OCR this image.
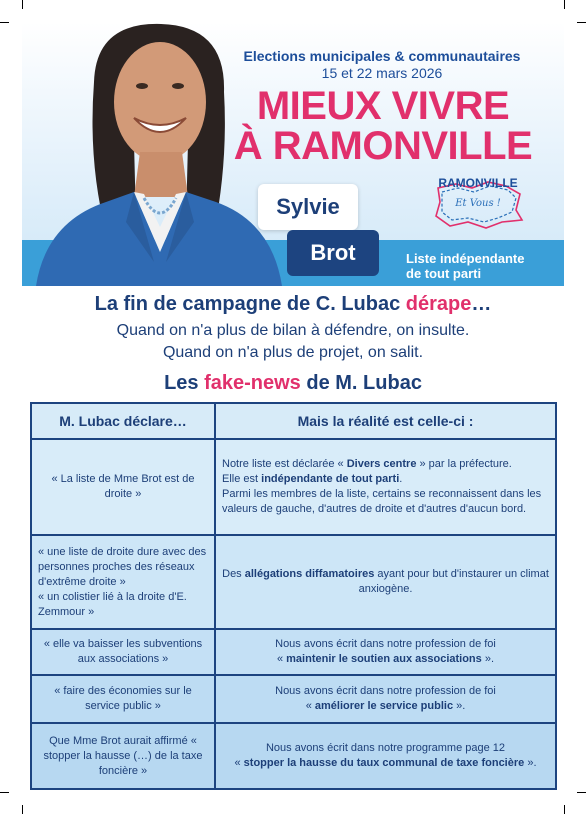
Elections municipales & communautaires
15 et 22 mars 2026
MIEUX VIVRE
À RAMONVILLE
RAMONVILLE
Et Vous !
Sylvie
Brot	Liste indépendante
de tout parti
La fin de campagne de C. Lubac dérape…
Quand on n'a plus de bilan à défendre, on insulte.
Quand on n'a plus de projet, on salit.
Les fake-news de M. Lubac
M. Lubac déclare…	Mais la réalité est celle-ci :
« La liste de Mme Brot est de droite »	Notre liste est déclarée « Divers centre » par la préfecture.
Elle est indépendante de tout parti.
Parmi les membres de la liste, certains se reconnaissent dans les valeurs de gauche, d'autres de droite et d'autres d'aucun bord.

« une liste de droite dure avec des personnes proches des réseaux d'extrême droite »
« un colistier lié à la droite d'E. Zemmour »	Des allégations diffamatoires ayant pour but d'instaurer un climat anxiogène.
« elle va baisser les subventions aux associations »	Nous avons écrit dans notre profession de foi
« maintenir le soutien aux associations ».
« faire des économies sur le service public »	Nous avons écrit dans notre profession de foi
« améliorer le service public ».
Que Mme Brot aurait affirmé « stopper la hausse (…) de la taxe foncière »	Nous avons écrit dans notre programme page 12
« stopper la hausse du taux communal de taxe foncière ».
